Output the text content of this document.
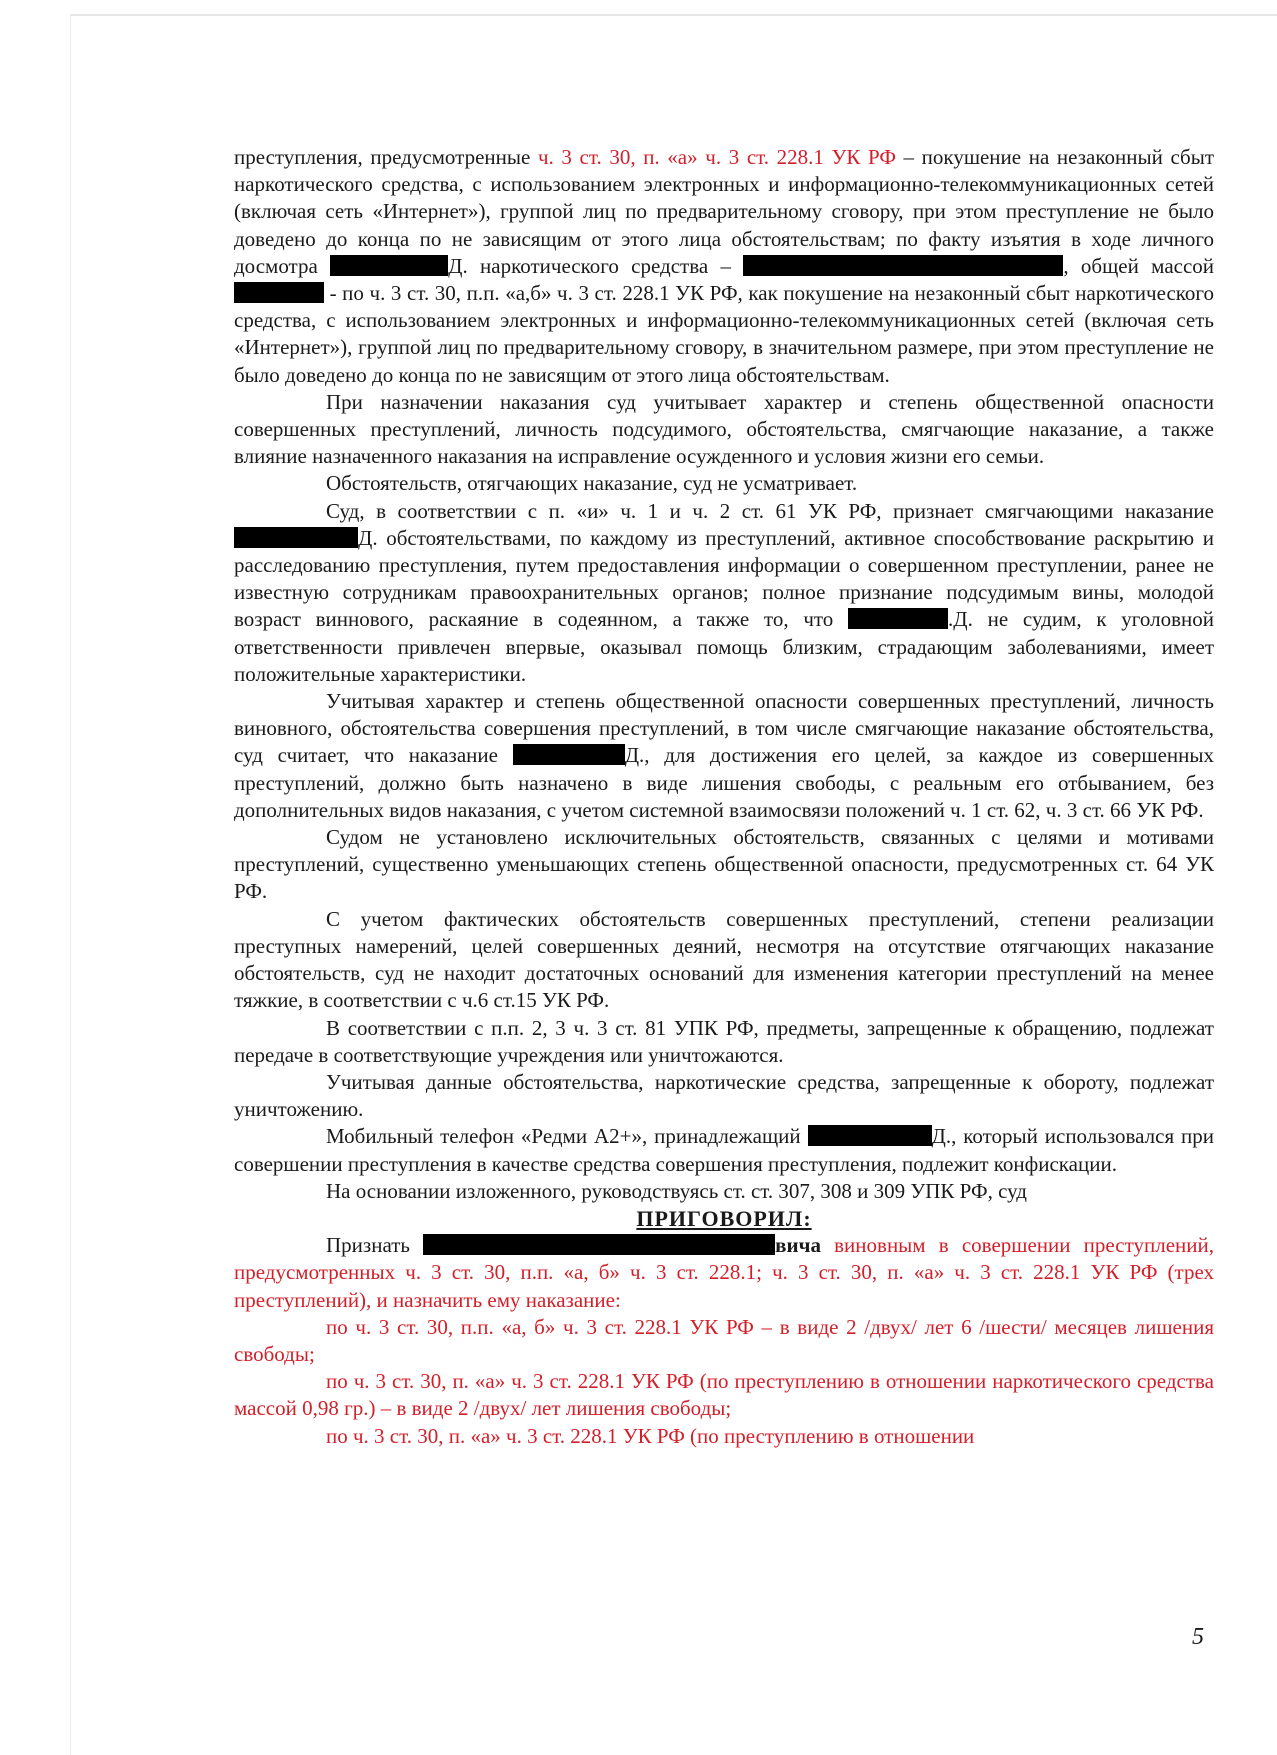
преступления, предусмотренные ч. 3 ст. 30, п. «а» ч. 3 ст. 228.1 УК РФ – покушение на незаконный сбыт наркотического средства, с использованием электронных и информационно-телекоммуникационных сетей (включая сеть «Интернет»), группой лиц по предварительному сговору, при этом преступление не было доведено до конца по не зависящим от этого лица обстоятельствам; по факту изъятия в ходе личного досмотра	Д. наркотического средства –	, общей массой  - по ч. 3 ст. 30, п.п. «а,б» ч. 3 ст. 228.1 УК РФ, как покушение на незаконный сбыт наркотического средства, с использованием электронных и информационно-телекоммуникационных сетей (включая сеть «Интернет»), группой лиц по предварительному сговору, в значительном размере, при этом преступление не было доведено до конца по не зависящим от этого лица обстоятельствам.

При назначении наказания суд учитывает характер и степень общественной опасности совершенных преступлений, личность подсудимого, обстоятельства, смягчающие наказание, а также влияние назначенного наказания на исправление осужденного и условия жизни его семьи.

Обстоятельств, отягчающих наказание, суд не усматривает.

Суд, в соответствии с п. «и» ч. 1 и ч. 2 ст. 61 УК РФ, признает смягчающими наказание Д. обстоятельствами, по каждому из преступлений, активное способствование раскрытию и расследованию преступления, путем предоставления информации о совершенном преступлении, ранее не известную сотрудникам правоохранительных органов; полное признание подсудимым вины, молодой возраст виннового, раскаяние в содеянном, а также то, что	.Д. не судим, к уголовной ответственности привлечен впервые, оказывал помощь близким, страдающим заболеваниями, имеет положительные характеристики.

Учитывая характер и степень общественной опасности совершенных преступлений, личность виновного, обстоятельства совершения преступлений, в том числе смягчающие наказание обстоятельства, суд считает, что наказание	Д., для достижения его целей, за каждое из совершенных преступлений, должно быть назначено в виде лишения свободы, с реальным его отбыванием, без дополнительных видов наказания, с учетом системной взаимосвязи положений ч. 1 ст. 62, ч. 3 ст. 66 УК РФ.

Судом не установлено исключительных обстоятельств, связанных с целями и мотивами преступлений, существенно уменьшающих степень общественной опасности, предусмотренных ст. 64 УК РФ.

С учетом фактических обстоятельств совершенных преступлений, степени реализации преступных намерений, целей совершенных деяний, несмотря на отсутствие отягчающих наказание обстоятельств, суд не находит достаточных оснований для изменения категории преступлений на менее тяжкие, в соответствии с ч.6 ст.15 УК РФ.

В соответствии с п.п. 2, 3 ч. 3 ст. 81 УПК РФ, предметы, запрещенные к обращению, подлежат передаче в соответствующие учреждения или уничтожаются.

Учитывая данные обстоятельства, наркотические средства, запрещенные к обороту, подлежат уничтожению.

Мобильный телефон «Редми А2+», принадлежащий	Д., который использовался при совершении преступления в качестве средства совершения преступления, подлежит конфискации.

На основании изложенного, руководствуясь ст. ст. 307, 308 и 309 УПК РФ, суд

ПРИГОВОРИЛ:

Признать	вича виновным в совершении преступлений, предусмотренных ч. 3 ст. 30, п.п. «а, б» ч. 3 ст. 228.1; ч. 3 ст. 30, п. «а» ч. 3 ст. 228.1 УК РФ (трех преступлений), и назначить ему наказание:

по ч. 3 ст. 30, п.п. «а, б» ч. 3 ст. 228.1 УК РФ – в виде 2 /двух/ лет 6 /шести/ месяцев лишения свободы;

по ч. 3 ст. 30, п. «а» ч. 3 ст. 228.1 УК РФ (по преступлению в отношении наркотического средства массой 0,98 гр.) – в виде 2 /двух/ лет лишения свободы;

по ч. 3 ст. 30, п. «а» ч. 3 ст. 228.1 УК РФ (по преступлению в отношении

5
